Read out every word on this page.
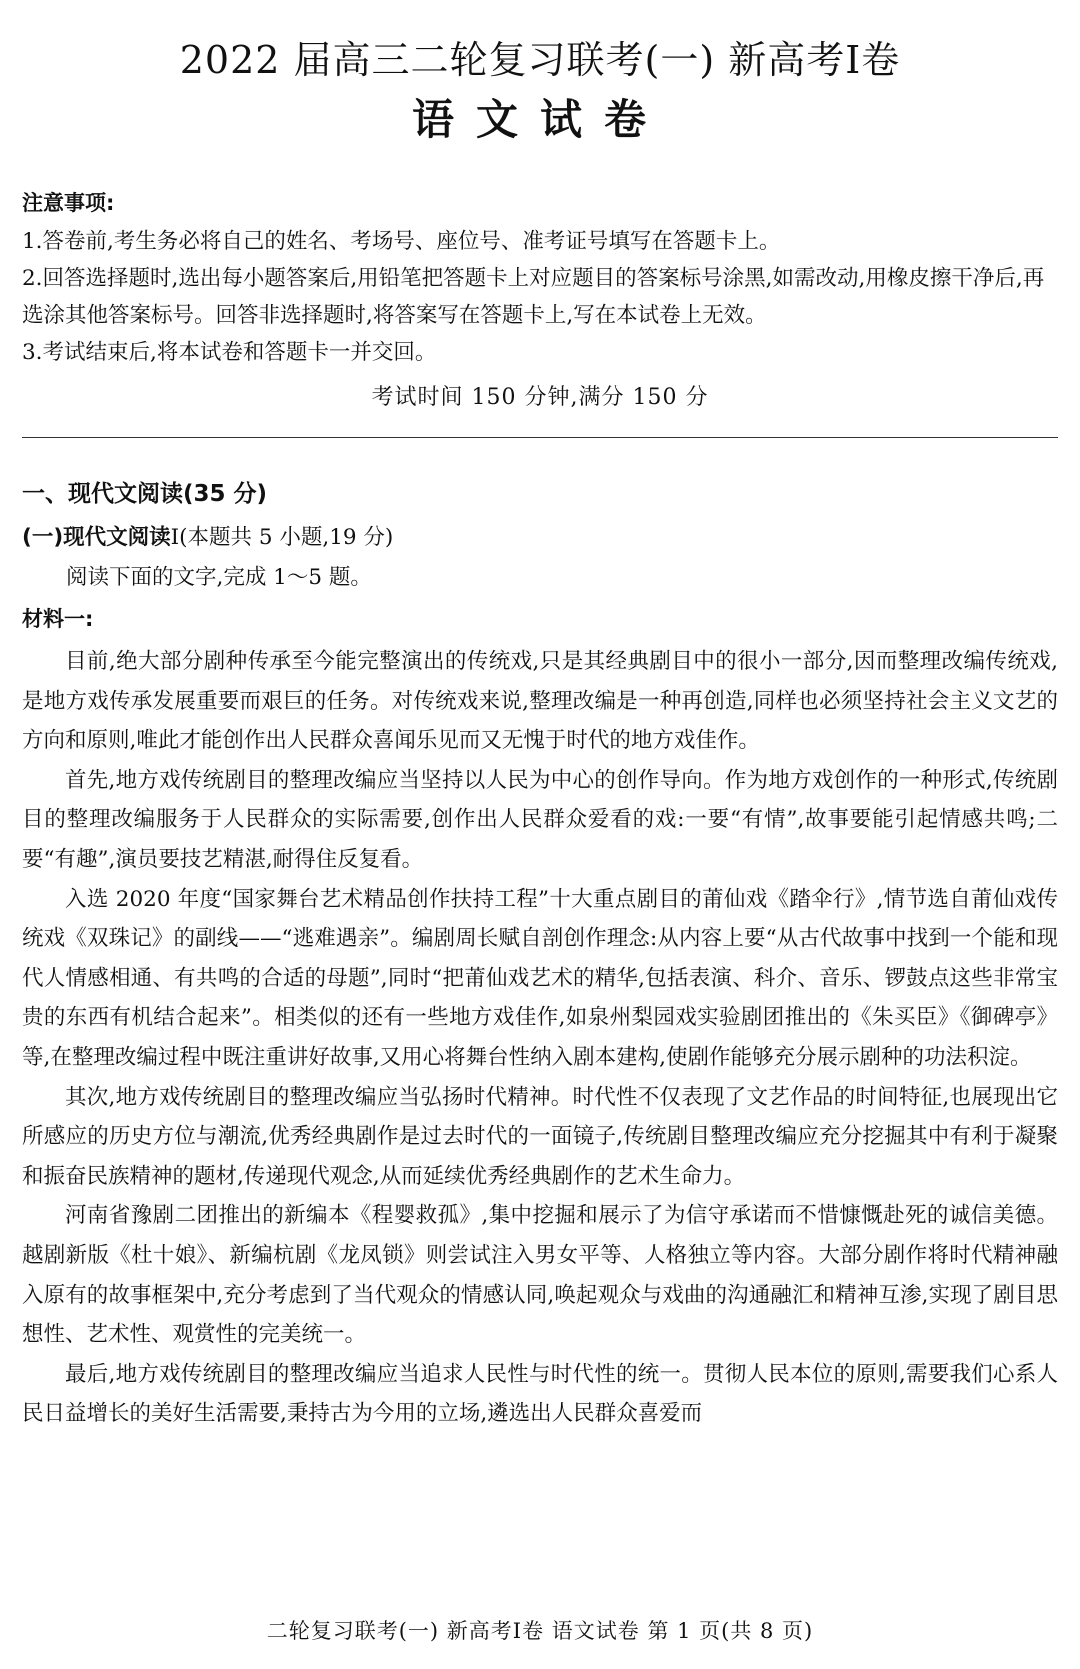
2022 届高三二轮复习联考(一) 新高考Ⅰ卷
语文试卷
注意事项:

1.答卷前,考生务必将自己的姓名、考场号、座位号、准考证号填写在答题卡上。

2.回答选择题时,选出每小题答案后,用铅笔把答题卡上对应题目的答案标号涂黑,如需改动,用橡皮擦干净后,再选涂其他答案标号。回答非选择题时,将答案写在答题卡上,写在本试卷上无效。

3.考试结束后,将本试卷和答题卡一并交回。

考试时间 150 分钟,满分 150 分
一、现代文阅读(35 分)
(一)现代文阅读Ⅰ(本题共 5 小题,19 分)
阅读下面的文字,完成 1～5 题。
材料一:

目前,绝大部分剧种传承至今能完整演出的传统戏,只是其经典剧目中的很小一部分,因而整理改编传统戏,是地方戏传承发展重要而艰巨的任务。对传统戏来说,整理改编是一种再创造,同样也必须坚持社会主义文艺的方向和原则,唯此才能创作出人民群众喜闻乐见而又无愧于时代的地方戏佳作。

首先,地方戏传统剧目的整理改编应当坚持以人民为中心的创作导向。作为地方戏创作的一种形式,传统剧目的整理改编服务于人民群众的实际需要,创作出人民群众爱看的戏:一要“有情”,故事要能引起情感共鸣;二要“有趣”,演员要技艺精湛,耐得住反复看。

入选 2020 年度“国家舞台艺术精品创作扶持工程”十大重点剧目的莆仙戏《踏伞行》,情节选自莆仙戏传统戏《双珠记》的副线——“逃难遇亲”。编剧周长赋自剖创作理念:从内容上要“从古代故事中找到一个能和现代人情感相通、有共鸣的合适的母题”,同时“把莆仙戏艺术的精华,包括表演、科介、音乐、锣鼓点这些非常宝贵的东西有机结合起来”。相类似的还有一些地方戏佳作,如泉州梨园戏实验剧团推出的《朱买臣》《御碑亭》等,在整理改编过程中既注重讲好故事,又用心将舞台性纳入剧本建构,使剧作能够充分展示剧种的功法积淀。

其次,地方戏传统剧目的整理改编应当弘扬时代精神。时代性不仅表现了文艺作品的时间特征,也展现出它所感应的历史方位与潮流,优秀经典剧作是过去时代的一面镜子,传统剧目整理改编应充分挖掘其中有利于凝聚和振奋民族精神的题材,传递现代观念,从而延续优秀经典剧作的艺术生命力。

河南省豫剧二团推出的新编本《程婴救孤》,集中挖掘和展示了为信守承诺而不惜慷慨赴死的诚信美德。越剧新版《杜十娘》、新编杭剧《龙凤锁》则尝试注入男女平等、人格独立等内容。大部分剧作将时代精神融入原有的故事框架中,充分考虑到了当代观众的情感认同,唤起观众与戏曲的沟通融汇和精神互渗,实现了剧目思想性、艺术性、观赏性的完美统一。

最后,地方戏传统剧目的整理改编应当追求人民性与时代性的统一。贯彻人民本位的原则,需要我们心系人民日益增长的美好生活需要,秉持古为今用的立场,遴选出人民群众喜爱而

二轮复习联考(一) 新高考Ⅰ卷 语文试卷 第 1 页(共 8 页)
